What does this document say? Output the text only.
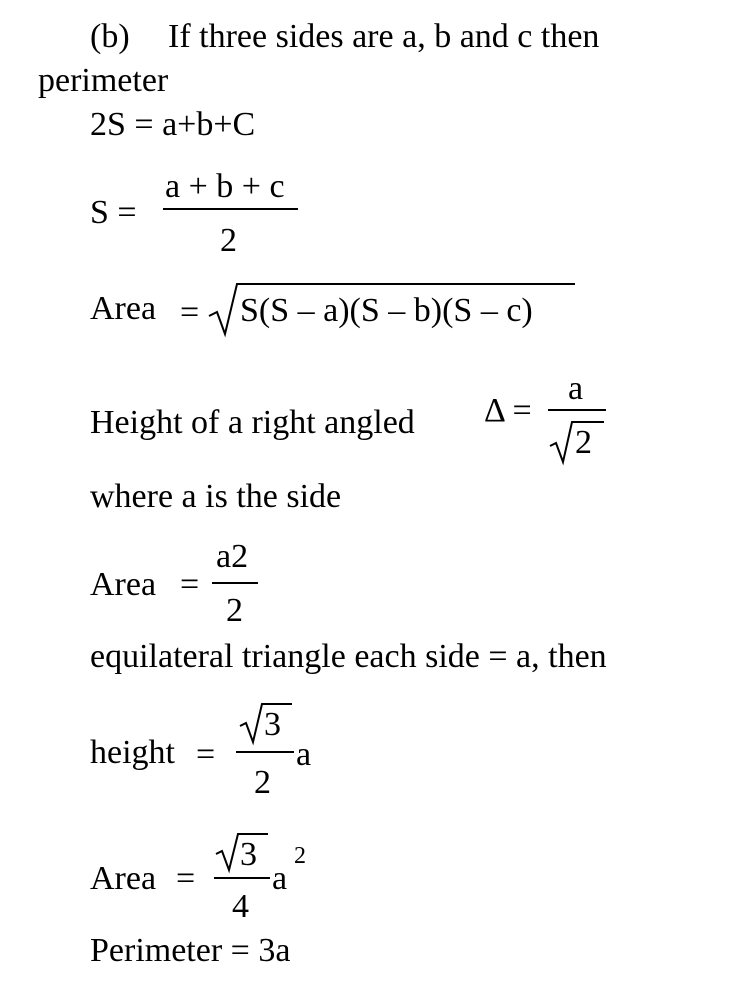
(b) If three sides are a, b and c then
perimeter
2S = a+b+C
S =
a + b + c
2
Area = S(S – a)(S – b)(S – c)
Height of a right angled Δ =
a
2
where a is the side
Area =
a2
2
equilateral triangle each side = a, then
height =
3
2
a
Area =
3
4
a
2
Perimeter = 3a
